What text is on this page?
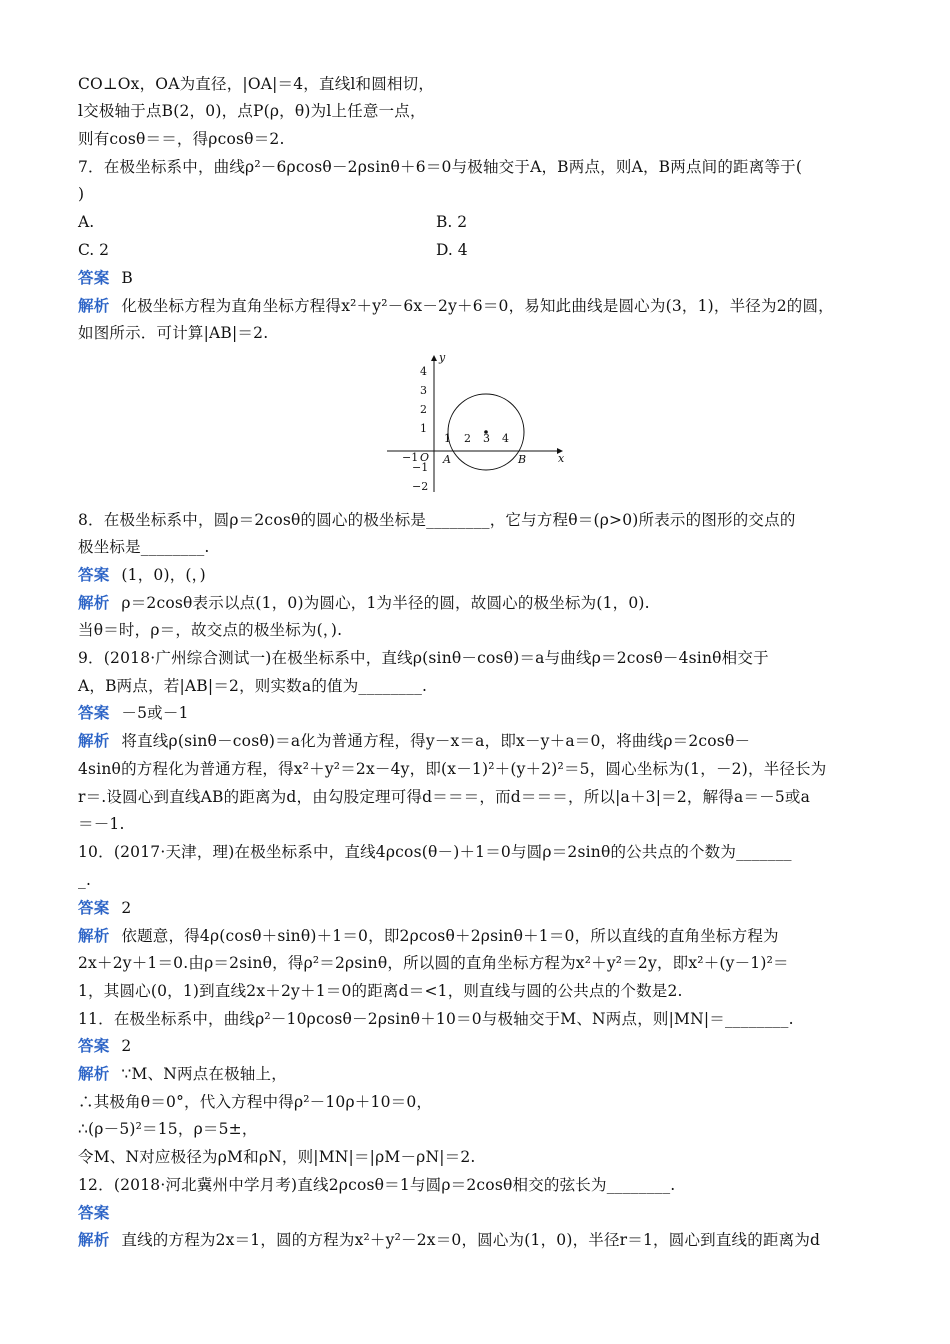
CO⊥Ox，OA为直径，|OA|＝4，直线l和圆相切，
l交极轴于点B(2，0)，点P(ρ，θ)为l上任意一点，
则有cosθ＝＝，得ρcosθ＝2.
7．在极坐标系中，曲线ρ²－6ρcosθ－2ρsinθ＋6＝0与极轴交于A，B两点，则A，B两点间的距离等于(
)
A.	B. 2
C. 2	D. 4
答案 B
解析 化极坐标方程为直角坐标方程得x²＋y²－6x－2y＋6＝0，易知此曲线是圆心为(3，1)，半径为2的圆，
如图所示．可计算|AB|＝2.
y
x
4
3
2
1
−1
−2
−1 O
1 2 3 4
A	B
8．在极坐标系中，圆ρ＝2cosθ的圆心的极坐标是________，它与方程θ＝(ρ>0)所表示的图形的交点的
极坐标是________.
答案 (1，0)，(，)
解析 ρ＝2cosθ表示以点(1，0)为圆心，1为半径的圆，故圆心的极坐标为(1，0).
当θ＝时，ρ＝，故交点的极坐标为(，).
9．(2018·广州综合测试一)在极坐标系中，直线ρ(sinθ－cosθ)＝a与曲线ρ＝2cosθ－4sinθ相交于
A，B两点，若|AB|＝2，则实数a的值为________.
答案 －5或－1
解析 将直线ρ(sinθ－cosθ)＝a化为普通方程，得y－x＝a，即x－y＋a＝0，将曲线ρ＝2cosθ－
4sinθ的方程化为普通方程，得x²＋y²＝2x－4y，即(x－1)²＋(y＋2)²＝5，圆心坐标为(1，－2)，半径长为
r＝.设圆心到直线AB的距离为d，由勾股定理可得d＝＝＝，而d＝＝＝，所以|a＋3|＝2，解得a＝－5或a
＝－1.
10．(2017·天津，理)在极坐标系中，直线4ρcos(θ－)＋1＝0与圆ρ＝2sinθ的公共点的个数为_______
_.
答案 2
解析 依题意，得4ρ(cosθ＋sinθ)＋1＝0，即2ρcosθ＋2ρsinθ＋1＝0，所以直线的直角坐标方程为
2x＋2y＋1＝0.由ρ＝2sinθ，得ρ²＝2ρsinθ，所以圆的直角坐标方程为x²＋y²＝2y，即x²＋(y－1)²＝
1，其圆心(0，1)到直线2x＋2y＋1＝0的距离d＝<1，则直线与圆的公共点的个数是2.
11．在极坐标系中，曲线ρ²－10ρcosθ－2ρsinθ＋10＝0与极轴交于M、N两点，则|MN|＝________.
答案 2
解析 ∵M、N两点在极轴上，
∴其极角θ＝0°，代入方程中得ρ²－10ρ＋10＝0，
∴(ρ－5)²＝15，ρ＝5±，
令M、N对应极径为ρM和ρN，则|MN|＝|ρM－ρN|＝2.
12．(2018·河北冀州中学月考)直线2ρcosθ＝1与圆ρ＝2cosθ相交的弦长为________.
答案
解析 直线的方程为2x＝1，圆的方程为x²＋y²－2x＝0，圆心为(1，0)，半径r＝1，圆心到直线的距离为d
